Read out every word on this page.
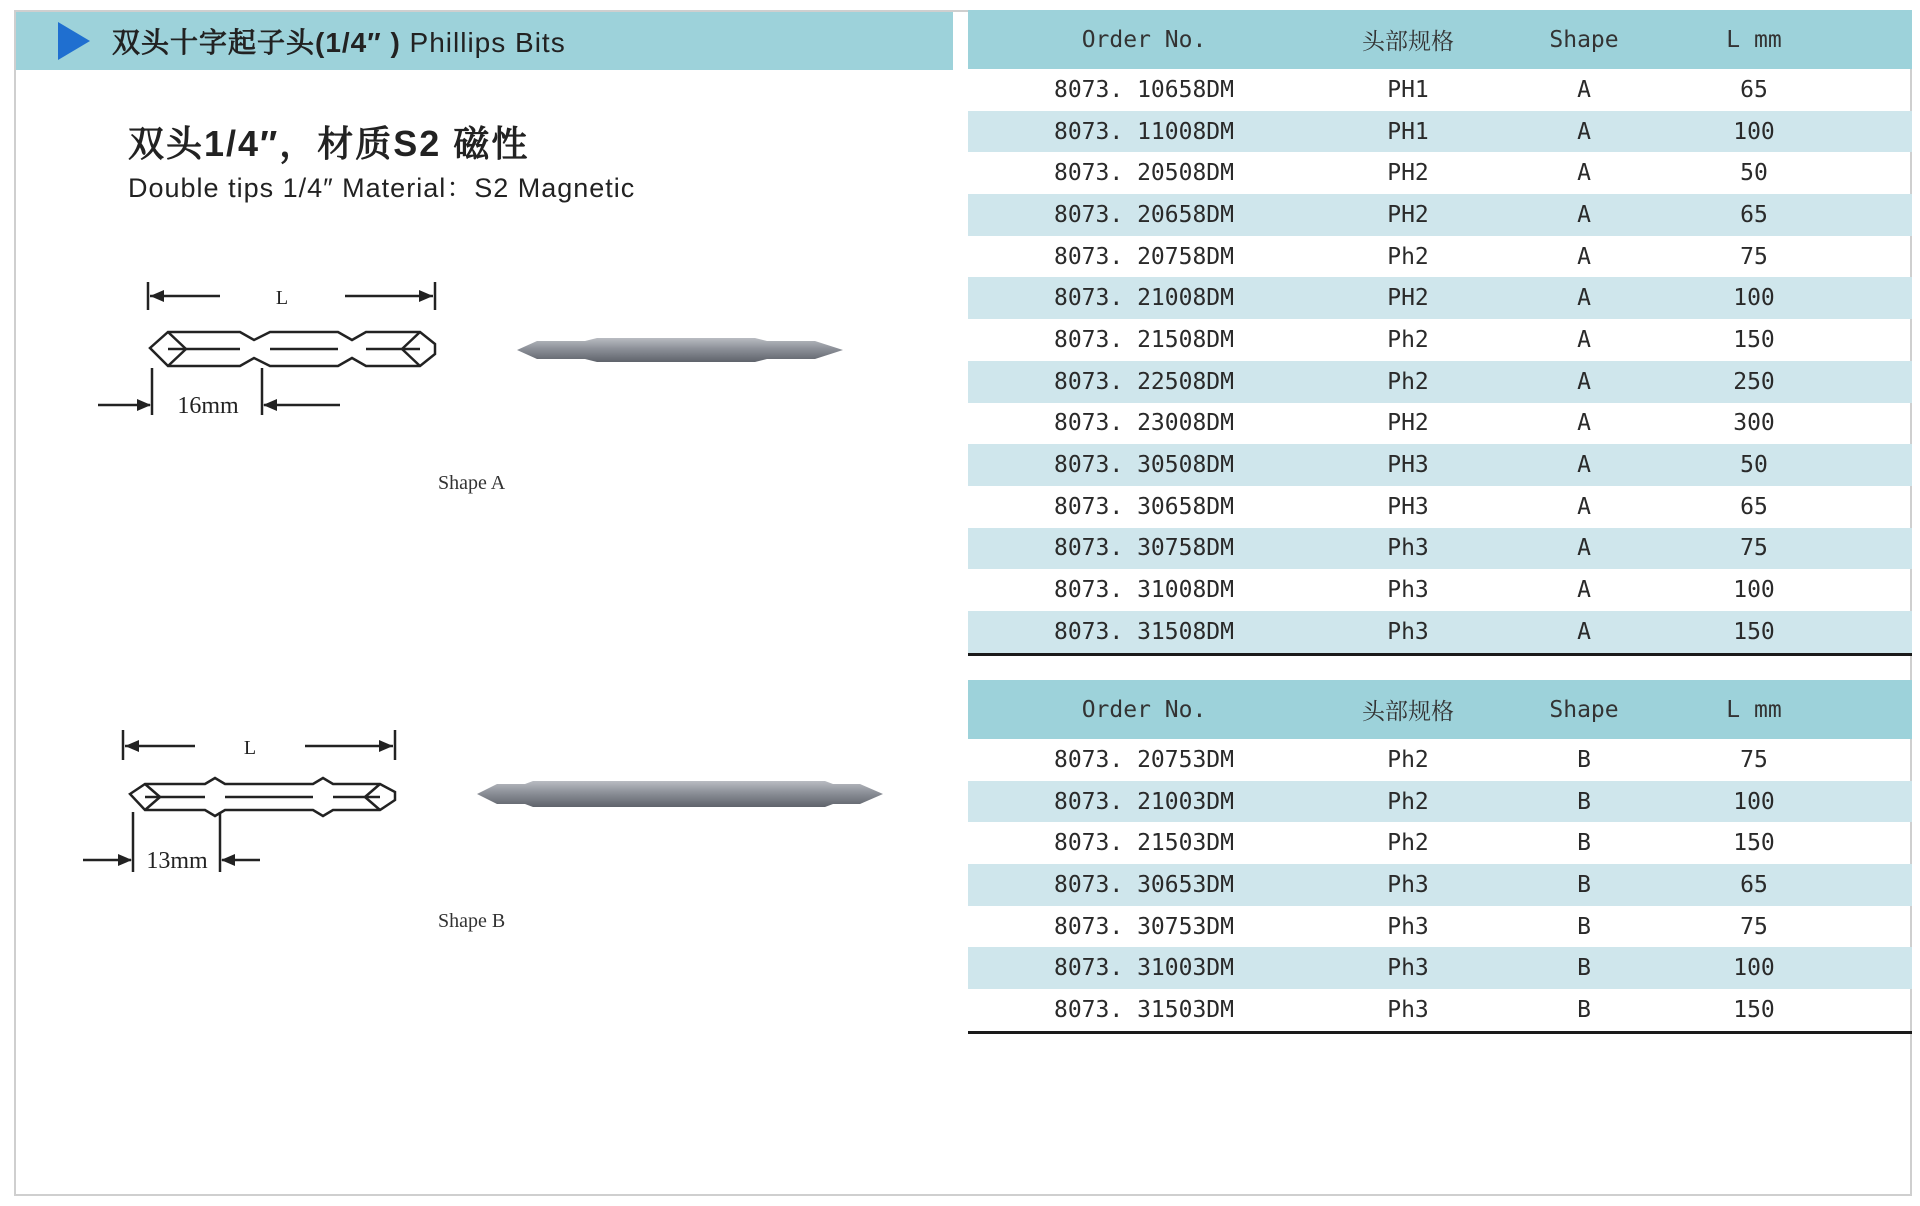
双头十字起子头(1/4″ ) Phillips Bits
双头1/4″，材质S2 磁性
Double tips 1/4″ Material：S2 Magnetic
L
16mm
Shape A
L
13mm
Shape B
Order No.	头部规格	Shape	L mm
8073. 10658DM	PH1	A	65
8073. 11008DM	PH1	A	100
8073. 20508DM	PH2	A	50
8073. 20658DM	PH2	A	65
8073. 20758DM	Ph2	A	75
8073. 21008DM	PH2	A	100
8073. 21508DM	Ph2	A	150
8073. 22508DM	Ph2	A	250
8073. 23008DM	PH2	A	300
8073. 30508DM	PH3	A	50
8073. 30658DM	PH3	A	65
8073. 30758DM	Ph3	A	75
8073. 31008DM	Ph3	A	100
8073. 31508DM	Ph3	A	150
Order No.	头部规格	Shape	L mm
8073. 20753DM	Ph2	B	75
8073. 21003DM	Ph2	B	100
8073. 21503DM	Ph2	B	150
8073. 30653DM	Ph3	B	65
8073. 30753DM	Ph3	B	75
8073. 31003DM	Ph3	B	100
8073. 31503DM	Ph3	B	150
